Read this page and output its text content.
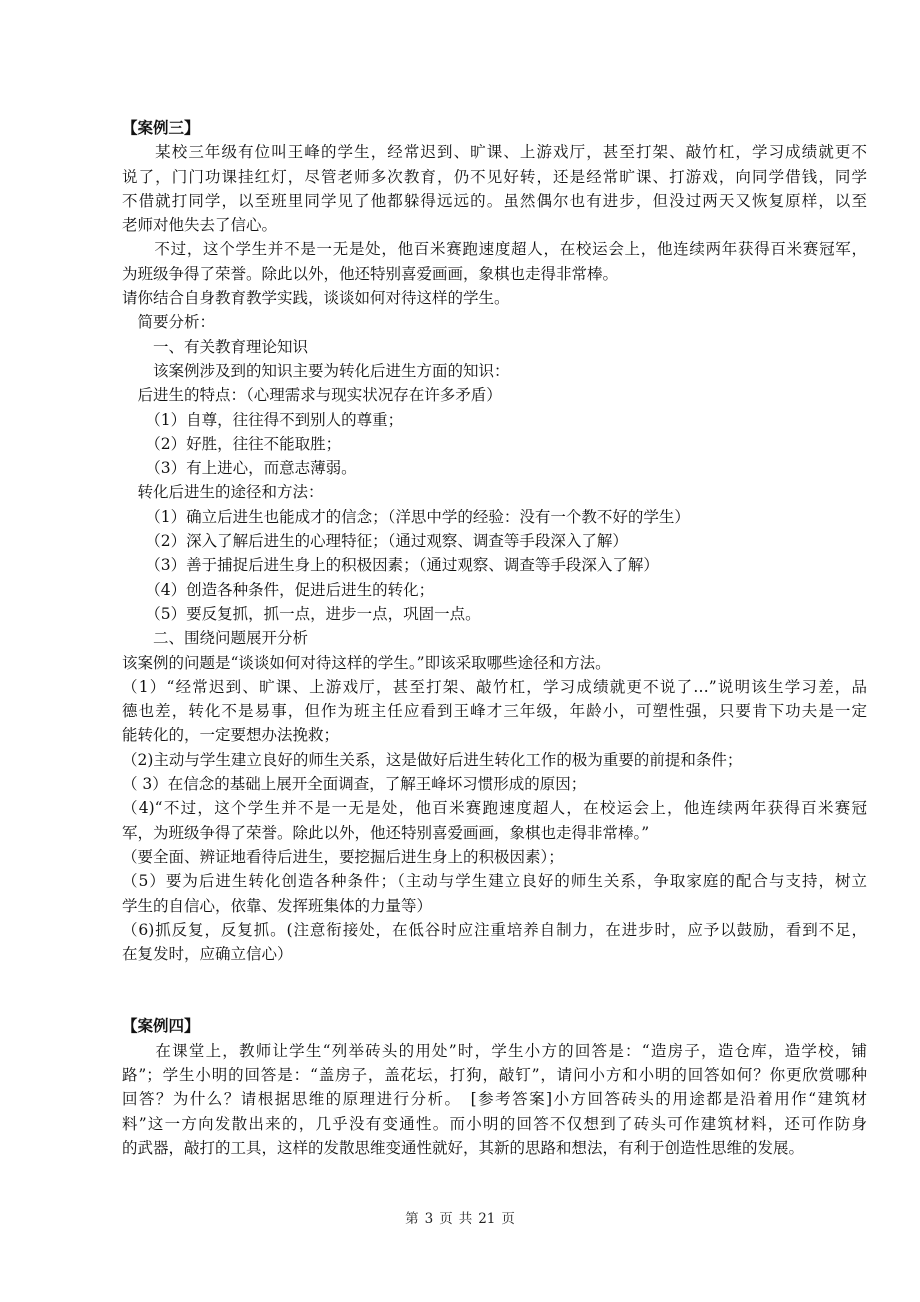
【案例三】
　　某校三年级有位叫王峰的学生，经常迟到、旷课、上游戏厅，甚至打架、敲竹杠，学习成绩就更不
说了，门门功课挂红灯，尽管老师多次教育，仍不见好转，还是经常旷课、打游戏，向同学借钱，同学
不借就打同学，以至班里同学见了他都躲得远远的。虽然偶尔也有进步，但没过两天又恢复原样，以至
老师对他失去了信心。
　　不过，这个学生并不是一无是处，他百米赛跑速度超人，在校运会上，他连续两年获得百米赛冠军，
为班级争得了荣誉。除此以外，他还特别喜爱画画，象棋也走得非常棒。
请你结合自身教育教学实践，谈谈如何对待这样的学生。
　简要分析：
　　一、有关教育理论知识
　　该案例涉及到的知识主要为转化后进生方面的知识：
　后进生的特点：（心理需求与现实状况存在许多矛盾）
　　（1）自尊，往往得不到别人的尊重；
　　（2）好胜，往往不能取胜；
　　（3）有上进心，而意志薄弱。
　转化后进生的途径和方法：
　　（1）确立后进生也能成才的信念；（洋思中学的经验：没有一个教不好的学生）
　　（2）深入了解后进生的心理特征；（通过观察、调查等手段深入了解）
　　（3）善于捕捉后进生身上的积极因素；（通过观察、调查等手段深入了解）
　　（4）创造各种条件，促进后进生的转化；
　　（5）要反复抓，抓一点，进步一点，巩固一点。
　　二、围绕问题展开分析
该案例的问题是“谈谈如何对待这样的学生。”即该采取哪些途径和方法。
（1）“经常迟到、旷课、上游戏厅，甚至打架、敲竹杠，学习成绩就更不说了…”说明该生学习差，品
德也差，转化不是易事，但作为班主任应看到王峰才三年级，年龄小，可塑性强，只要肯下功夫是一定
能转化的，一定要想办法挽救；
（2)主动与学生建立良好的师生关系，这是做好后进生转化工作的极为重要的前提和条件；
（ 3）在信念的基础上展开全面调查，了解王峰坏习惯形成的原因；
（4)“不过，这个学生并不是一无是处，他百米赛跑速度超人，在校运会上，他连续两年获得百米赛冠
军，为班级争得了荣誉。除此以外，他还特别喜爱画画，象棋也走得非常棒。”
（要全面、辨证地看待后进生，要挖掘后进生身上的积极因素）；
（5）要为后进生转化创造各种条件；（主动与学生建立良好的师生关系，争取家庭的配合与支持，树立
学生的自信心，依靠、发挥班集体的力量等）
（6)抓反复，反复抓。(注意衔接处，在低谷时应注重培养自制力，在进步时，应予以鼓励，看到不足，
在复发时，应确立信心）
【案例四】
　　在课堂上，教师让学生“列举砖头的用处”时，学生小方的回答是：“造房子，造仓库，造学校，铺
路”；学生小明的回答是：“盖房子，盖花坛，打狗，敲钉”，请问小方和小明的回答如何？你更欣赏哪种
回答？为什么？请根据思维的原理进行分析。　[参考答案]小方回答砖头的用途都是沿着用作“建筑材
料”这一方向发散出来的，几乎没有变通性。而小明的回答不仅想到了砖头可作建筑材料，还可作防身
的武器，敲打的工具，这样的发散思维变通性就好，其新的思路和想法，有利于创造性思维的发展。
第 3 页 共 21 页
